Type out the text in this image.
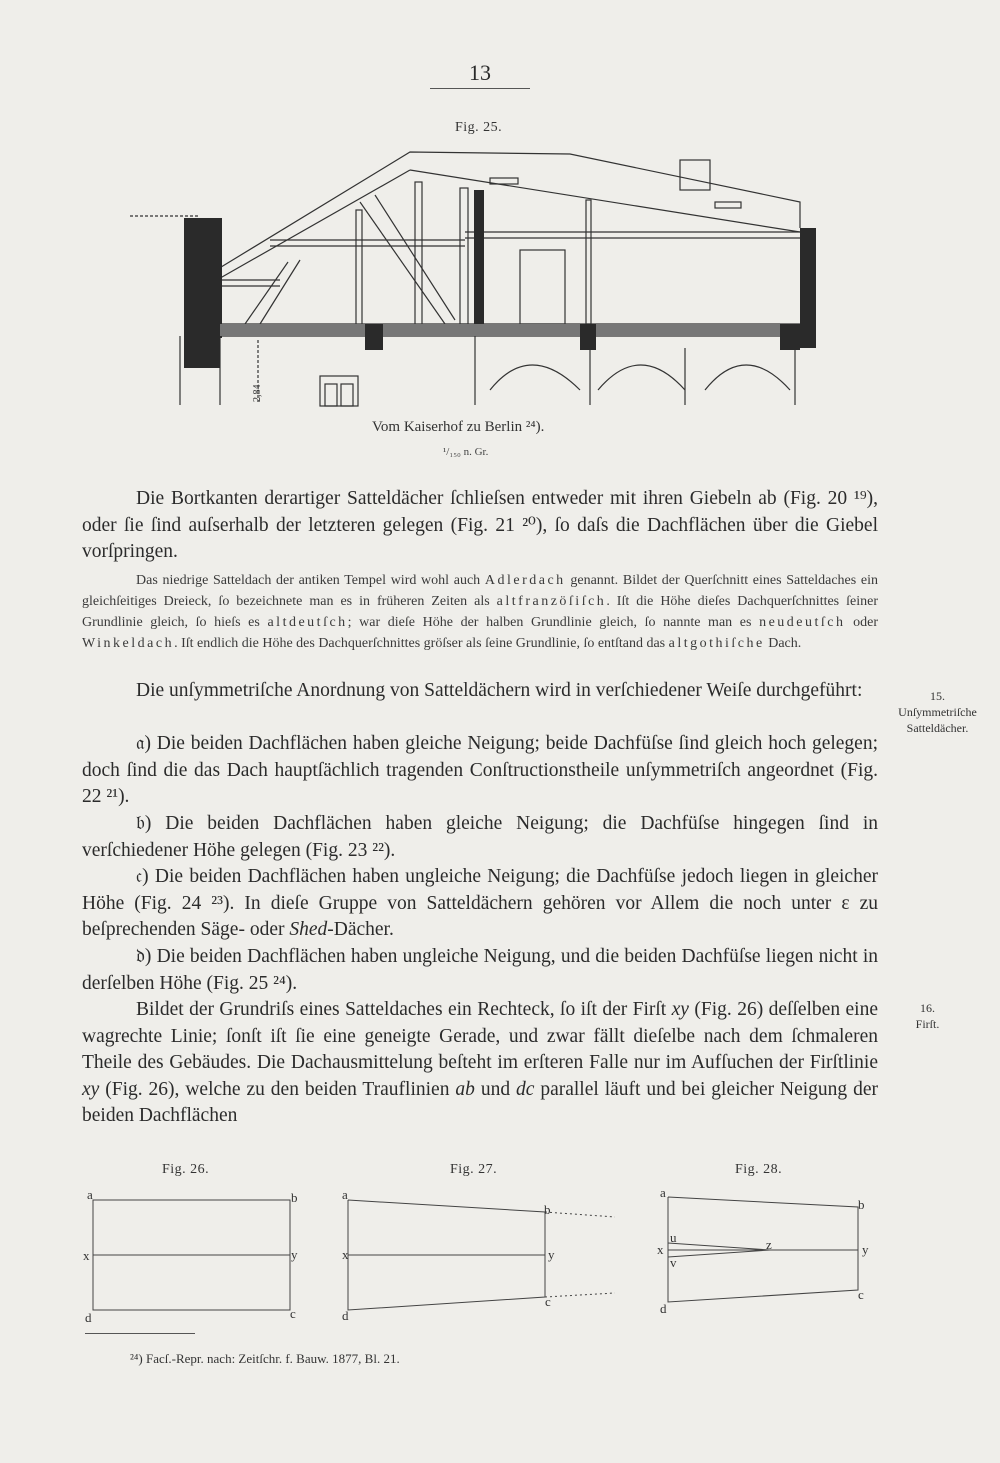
13
Fig. 25.
2,84
Vom Kaiserhof zu Berlin ²⁴).
¹/₁₅₀ n. Gr.
Die Bortkanten derartiger Satteldächer ſchlieſsen entweder mit ihren Giebeln ab (Fig. 20 ¹⁹), oder ſie ſind auſserhalb der letzteren gelegen (Fig. 21 ²⁰), ſo daſs die Dachflächen über die Giebel vorſpringen.
Das niedrige Satteldach der antiken Tempel wird wohl auch Adlerdach genannt. Bildet der Querſchnitt eines Satteldaches ein gleichſeitiges Dreieck, ſo bezeichnete man es in früheren Zeiten als altfranzöſiſch. Iſt die Höhe dieſes Dachquerſchnittes ſeiner Grundlinie gleich, ſo hieſs es altdeutſch; war dieſe Höhe der halben Grundlinie gleich, ſo nannte man es neudeutſch oder Winkeldach. Iſt endlich die Höhe des Dachquerſchnittes gröſser als ſeine Grundlinie, ſo entſtand das altgothiſche Dach.
Die unſymmetriſche Anordnung von Satteldächern wird in verſchiedener Weiſe durchgeführt:
𝔞) Die beiden Dachflächen haben gleiche Neigung; beide Dachfüſse ſind gleich hoch gelegen; doch ſind die das Dach hauptſächlich tragenden Conſtructionstheile unſymmetriſch angeordnet (Fig. 22 ²¹).
𝔟) Die beiden Dachflächen haben gleiche Neigung; die Dachfüſse hingegen ſind in verſchiedener Höhe gelegen (Fig. 23 ²²).
𝔠) Die beiden Dachflächen haben ungleiche Neigung; die Dachfüſse jedoch liegen in gleicher Höhe (Fig. 24 ²³). In dieſe Gruppe von Satteldächern gehören vor Allem die noch unter ε zu beſprechenden Säge- oder Shed-Dächer.
𝔡) Die beiden Dachflächen haben ungleiche Neigung, und die beiden Dachfüſse liegen nicht in derſelben Höhe (Fig. 25 ²⁴).
Bildet der Grundriſs eines Satteldaches ein Rechteck, ſo iſt der Firſt xy (Fig. 26) deſſelben eine wagrechte Linie; ſonſt iſt ſie eine geneigte Gerade, und zwar fällt dieſelbe nach dem ſchmaleren Theile des Gebäudes. Die Dachausmittelung beſteht im erſteren Falle nur im Aufſuchen der Firſtlinie xy (Fig. 26), welche zu den beiden Trauflinien ab und dc parallel läuft und bei gleicher Neigung der beiden Dachflächen
15.
Unſymmetriſche
Satteldächer.
16.
Firſt.
Fig. 26.	Fig. 27.	Fig. 28.
a	b
x	y
d	c
a
b
x	y
d
c
a
b
x
u
v
z	y
d
c
²⁴) Facſ.-Repr. nach: Zeitſchr. f. Bauw. 1877, Bl. 21.
